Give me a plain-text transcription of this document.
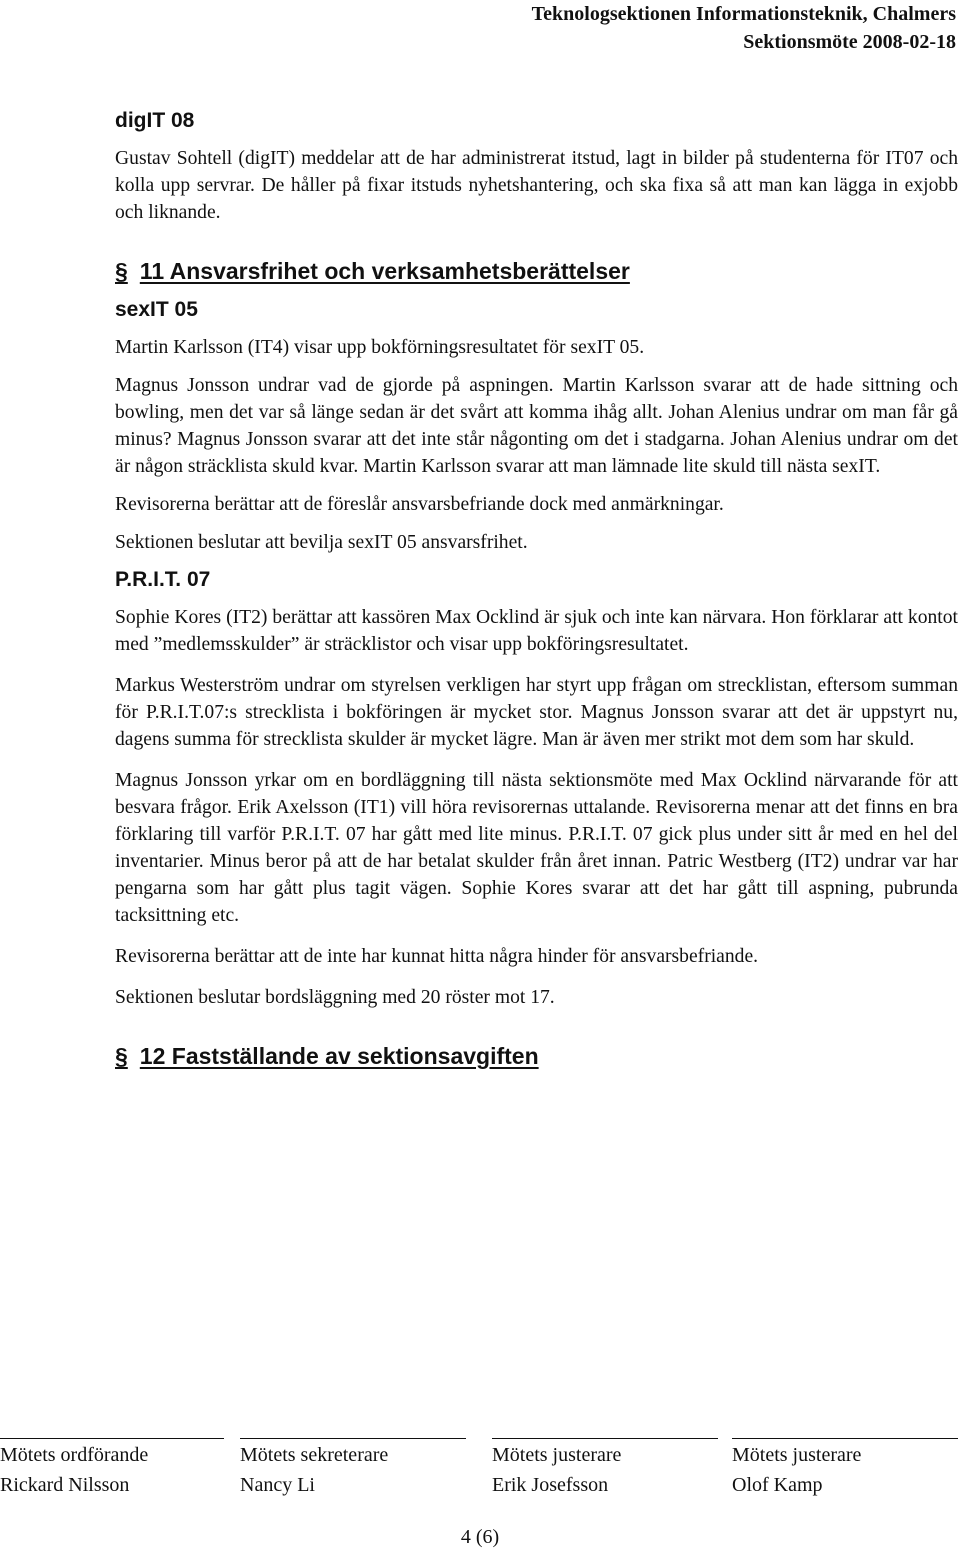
Teknologsektionen Informationsteknik, Chalmers
Sektionsmöte 2008-02-18
digIT 08

Gustav Sohtell (digIT) meddelar att de har administrerat itstud, lagt in bilder på studenterna för IT07 och kolla upp servrar. De håller på fixar itstuds nyhetshantering, och ska fixa så att man kan lägga in exjobb och liknande.

§ 11 Ansvarsfrihet och verksamhetsberättelser
sexIT 05

Martin Karlsson (IT4) visar upp bokförningsresultatet för sexIT 05.

Magnus Jonsson undrar vad de gjorde på aspningen. Martin Karlsson svarar att de hade sittning och bowling, men det var så länge sedan är det svårt att komma ihåg allt. Johan Alenius undrar om man får gå minus? Magnus Jonsson svarar att det inte står någonting om det i stadgarna. Johan Alenius undrar om det är någon sträcklista skuld kvar. Martin Karlsson svarar att man lämnade lite skuld till nästa sexIT.

Revisorerna berättar att de föreslår ansvarsbefriande dock med anmärkningar.

Sektionen beslutar att bevilja sexIT 05 ansvarsfrihet.

P.R.I.T. 07

Sophie Kores (IT2) berättar att kassören Max Ocklind är sjuk och inte kan närvara. Hon förklarar att kontot med ”medlemsskulder” är sträcklistor och visar upp bokföringsresultatet.

Markus Westerström undrar om styrelsen verkligen har styrt upp frågan om strecklistan, eftersom summan för P.R.I.T.07:s strecklista i bokföringen är mycket stor. Magnus Jonsson svarar att det är uppstyrt nu, dagens summa för strecklista skulder är mycket lägre. Man är även mer strikt mot dem som har skuld.

Magnus Jonsson yrkar om en bordläggning till nästa sektionsmöte med Max Ocklind närvarande för att besvara frågor. Erik Axelsson (IT1) vill höra revisorernas uttalande. Revisorerna menar att det finns en bra förklaring till varför P.R.I.T. 07 har gått med lite minus. P.R.I.T. 07 gick plus under sitt år med en hel del inventarier. Minus beror på att de har betalat skulder från året innan. Patric Westberg (IT2) undrar var har pengarna som har gått plus tagit vägen. Sophie Kores svarar att det har gått till aspning, pubrunda tacksittning etc.

Revisorerna berättar att de inte har kunnat hitta några hinder för ansvarsbefriande.

Sektionen beslutar bordsläggning med 20 röster mot 17.

§ 12 Fastställande av sektionsavgiften
Mötets ordförande
Rickard Nilsson
Mötets sekreterare
Nancy Li
Mötets justerare
Erik Josefsson
Mötets justerare
Olof Kamp
4 (6)
